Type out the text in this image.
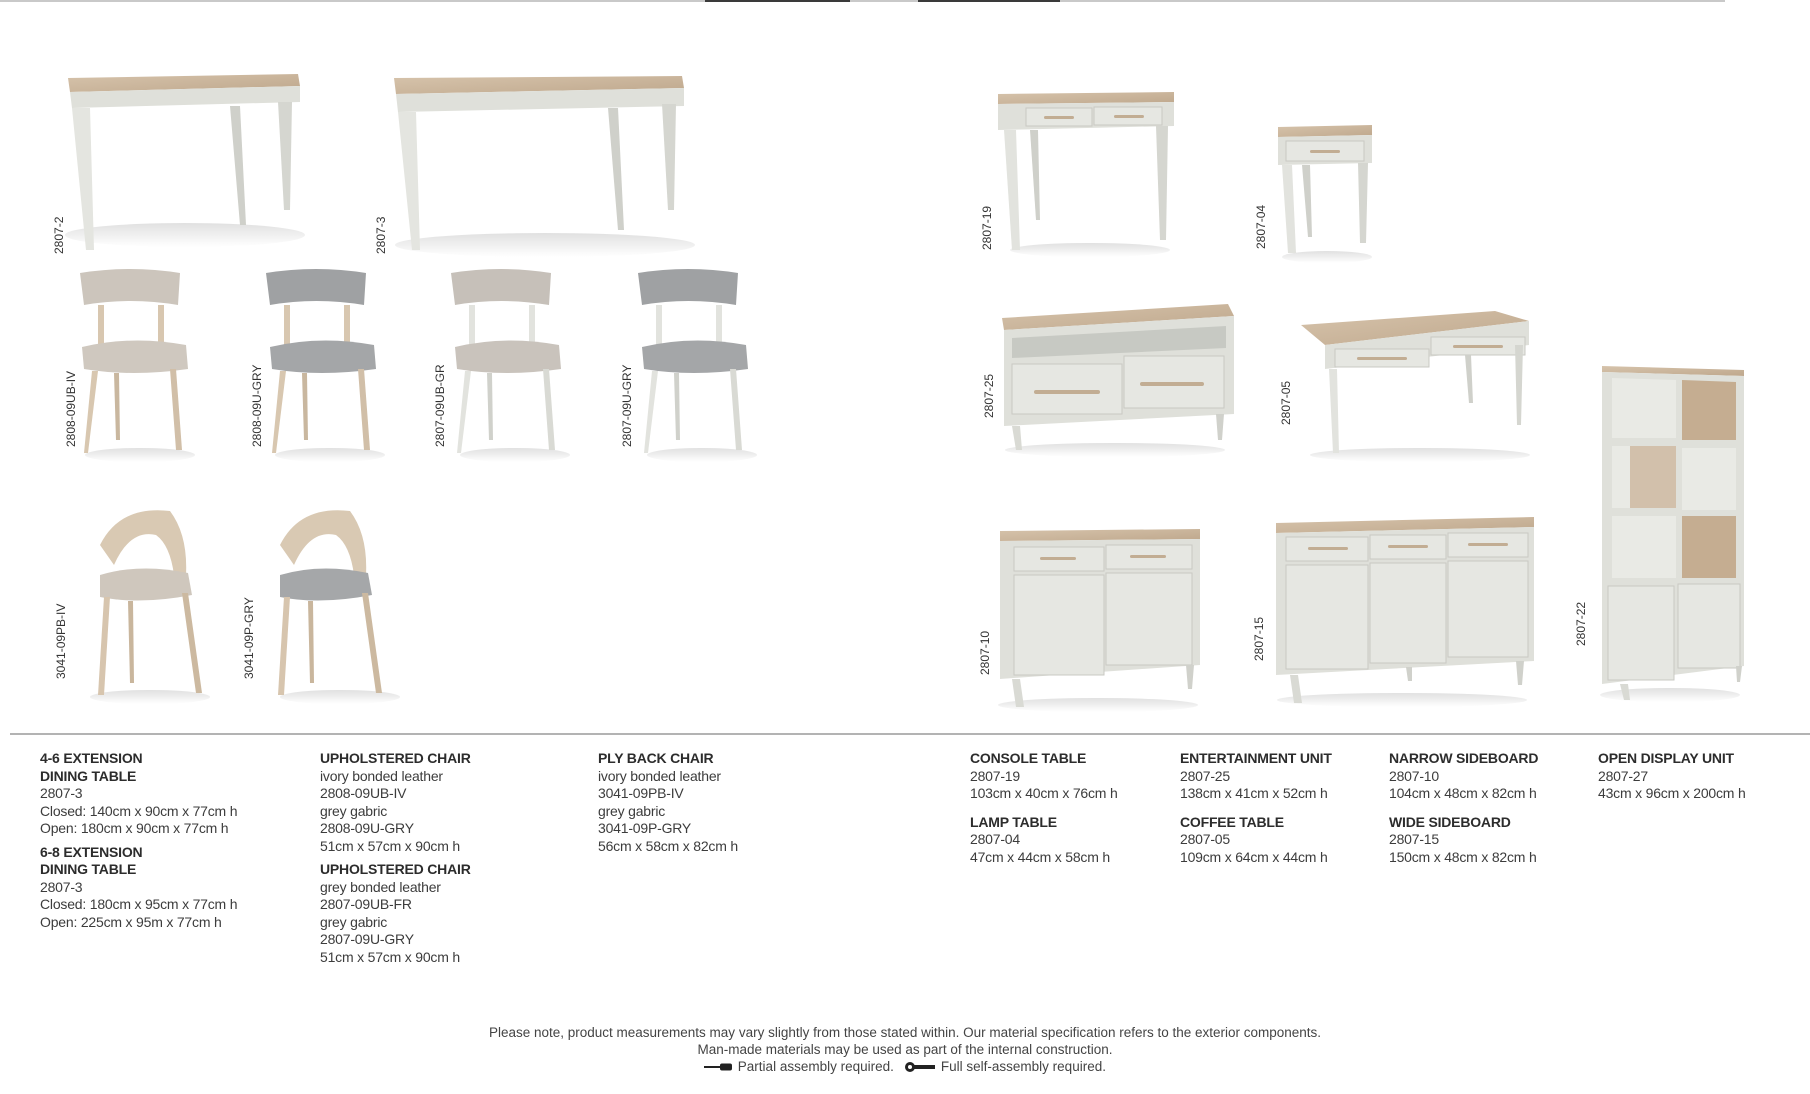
2807-2	2807-3
2808-09UB-IV	2808-09U-GRY	2807-09UB-GR	2807-09U-GRY
3041-09PB-IV	3041-09P-GRY
2807-19	2807-04
2807-25	2807-05
2807-22
2807-10	2807-15
4-6 EXTENSION
DINING TABLE
2807-3
Closed: 140cm x 90cm x 77cm h
Open: 180cm x 90cm x 77cm h
6-8 EXTENSION
DINING TABLE
2807-3
Closed: 180cm x 95cm x 77cm h
Open: 225cm x 95m x 77cm h
UPHOLSTERED CHAIR
ivory bonded leather
2808-09UB-IV
grey gabric
2808-09U-GRY
51cm x 57cm x 90cm h
UPHOLSTERED CHAIR
grey bonded leather
2807-09UB-FR
grey gabric
2807-09U-GRY
51cm x 57cm x 90cm h
PLY BACK CHAIR
ivory bonded leather
3041-09PB-IV
grey gabric
3041-09P-GRY
56cm x 58cm x 82cm h
CONSOLE TABLE
2807-19
103cm x 40cm x 76cm h
LAMP TABLE
2807-04
47cm x 44cm x 58cm h
ENTERTAINMENT UNIT
2807-25
138cm x 41cm x 52cm h
COFFEE TABLE
2807-05
109cm x 64cm x 44cm h
NARROW SIDEBOARD
2807-10
104cm x 48cm x 82cm h
WIDE SIDEBOARD
2807-15
150cm x 48cm x 82cm h
OPEN DISPLAY UNIT
2807-27
43cm x 96cm x 200cm h
Please note, product measurements may vary slightly from those stated within. Our material specification refers to the exterior components.
Man-made materials may be used as part of the internal construction.
Partial assembly required.	Full self-assembly required.
